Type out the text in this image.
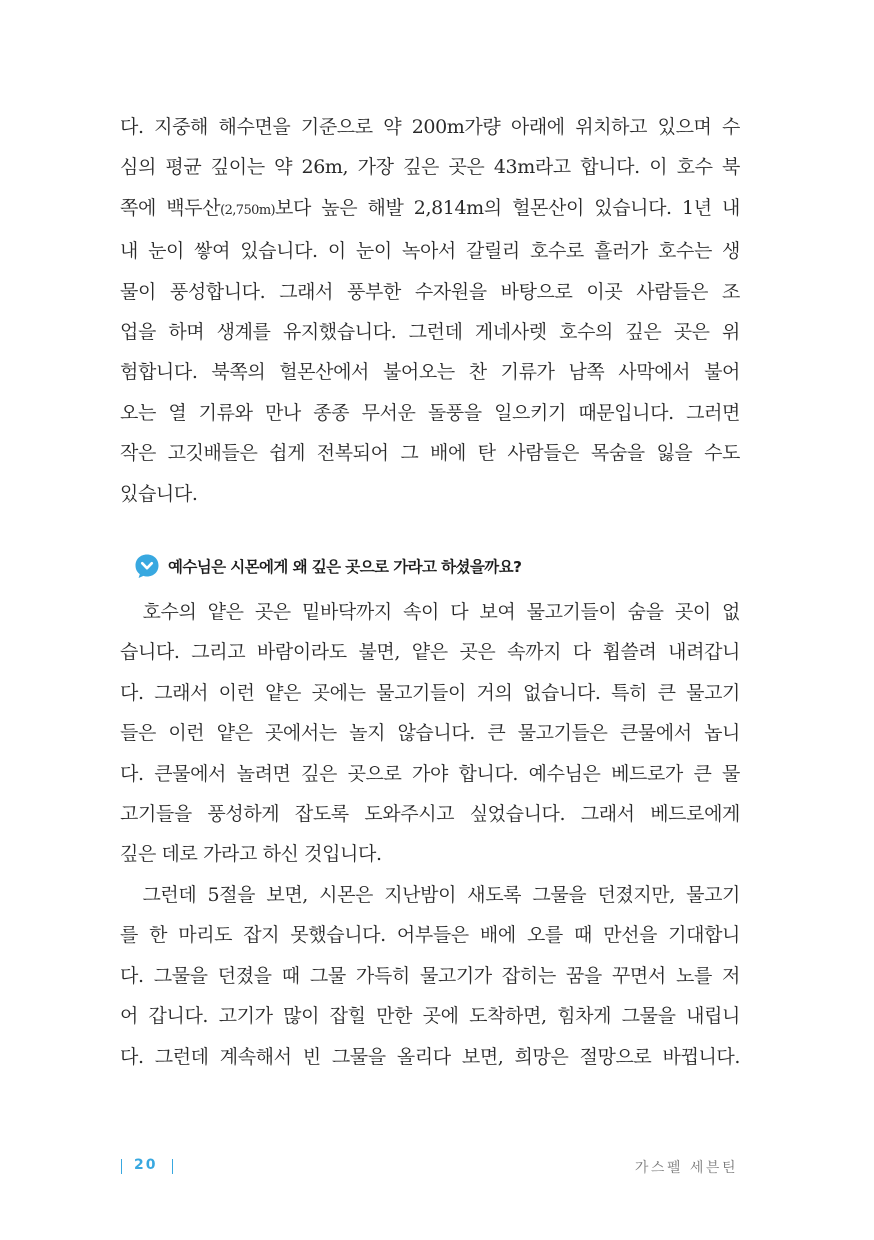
다. 지중해 해수면을 기준으로 약 200m가량 아래에 위치하고 있으며 수
심의 평균 깊이는 약 26m, 가장 깊은 곳은 43m라고 합니다. 이 호수 북
쪽에 백두산(2,750m)보다 높은 해발 2,814m의 헐몬산이 있습니다. 1년 내
내 눈이 쌓여 있습니다. 이 눈이 녹아서 갈릴리 호수로 흘러가 호수는 생
물이 풍성합니다. 그래서 풍부한 수자원을 바탕으로 이곳 사람들은 조
업을 하며 생계를 유지했습니다. 그런데 게네사렛 호수의 깊은 곳은 위
험합니다. 북쪽의 헐몬산에서 불어오는 찬 기류가 남쪽 사막에서 불어
오는 열 기류와 만나 종종 무서운 돌풍을 일으키기 때문입니다. 그러면
작은 고깃배들은 쉽게 전복되어 그 배에 탄 사람들은 목숨을 잃을 수도
있습니다.
예수님은 시몬에게 왜 깊은 곳으로 가라고 하셨을까요?
호수의 얕은 곳은 밑바닥까지 속이 다 보여 물고기들이 숨을 곳이 없
습니다. 그리고 바람이라도 불면, 얕은 곳은 속까지 다 휩쓸려 내려갑니
다. 그래서 이런 얕은 곳에는 물고기들이 거의 없습니다. 특히 큰 물고기
들은 이런 얕은 곳에서는 놀지 않습니다. 큰 물고기들은 큰물에서 놉니
다. 큰물에서 놀려면 깊은 곳으로 가야 합니다. 예수님은 베드로가 큰 물
고기들을 풍성하게 잡도록 도와주시고 싶었습니다. 그래서 베드로에게
깊은 데로 가라고 하신 것입니다.
그런데 5절을 보면, 시몬은 지난밤이 새도록 그물을 던졌지만, 물고기
를 한 마리도 잡지 못했습니다. 어부들은 배에 오를 때 만선을 기대합니
다. 그물을 던졌을 때 그물 가득히 물고기가 잡히는 꿈을 꾸면서 노를 저
어 갑니다. 고기가 많이 잡힐 만한 곳에 도착하면, 힘차게 그물을 내립니
다. 그런데 계속해서 빈 그물을 올리다 보면, 희망은 절망으로 바뀝니다.
20	가스펠 세븐틴
